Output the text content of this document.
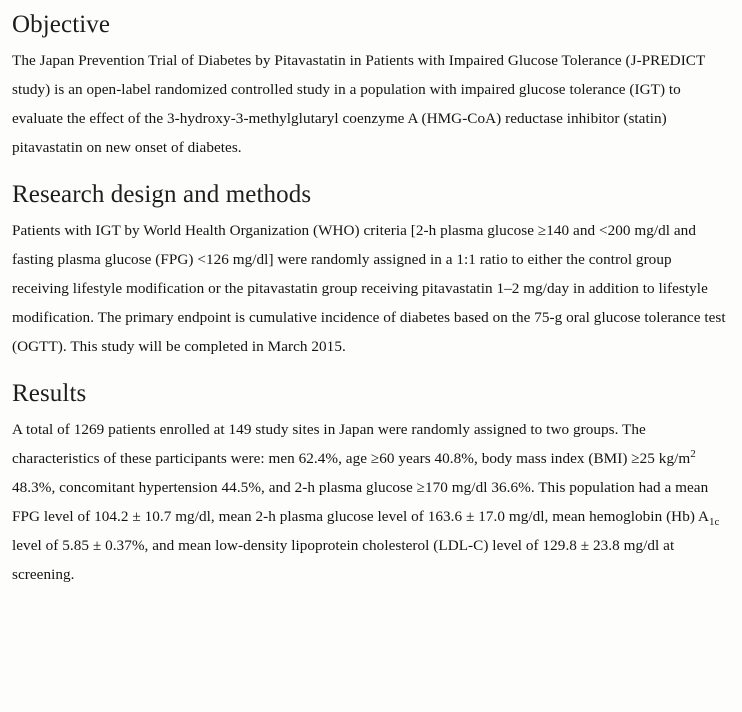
Objective

The Japan Prevention Trial of Diabetes by Pitavastatin in Patients with Impaired Glucose Tolerance (J-PREDICT study) is an open-label randomized controlled study in a population with impaired glucose tolerance (IGT) to evaluate the effect of the 3-hydroxy-3-methylglutaryl coenzyme A (HMG-CoA) reductase inhibitor (statin) pitavastatin on new onset of diabetes.

Research design and methods

Patients with IGT by World Health Organization (WHO) criteria [2-h plasma glucose ≥140 and <200 mg/dl and fasting plasma glucose (FPG) <126 mg/dl] were randomly assigned in a 1:1 ratio to either the control group receiving lifestyle modification or the pitavastatin group receiving pitavastatin 1–2 mg/day in addition to lifestyle modification. The primary endpoint is cumulative incidence of diabetes based on the 75-g oral glucose tolerance test (OGTT). This study will be completed in March 2015.

Results

A total of 1269 patients enrolled at 149 study sites in Japan were randomly assigned to two groups. The characteristics of these participants were: men 62.4%, age ≥60 years 40.8%, body mass index (BMI) ≥25 $kg/m^2$ 48.3%, concomitant hypertension 44.5%, and 2-h plasma glucose ≥170 mg/dl 36.6%. This population had a mean FPG level of 104.2 ± 10.7 mg/dl, mean 2-h plasma glucose level of 163.6 ± 17.0 mg/dl, mean hemoglobin (Hb) $A_{1c}$ level of 5.85 ± 0.37%, and mean low-density lipoprotein cholesterol (LDL-C) level of 129.8 ± 23.8 mg/dl at screening.
